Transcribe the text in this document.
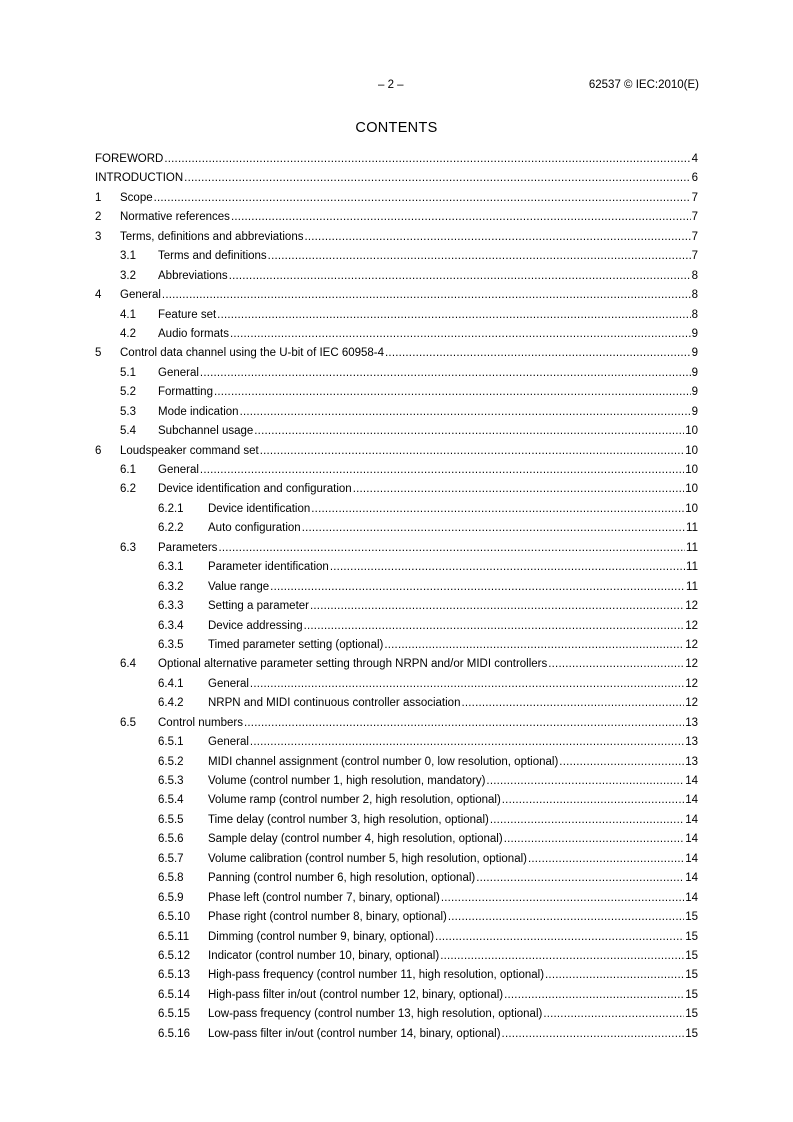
– 2 –	62537 © IEC:2010(E)
CONTENTS
FOREWORD .....	4
INTRODUCTION .....	6
1	Scope .....	7
2	Normative references .....	7
3	Terms, definitions and abbreviations .....	7
3.1	Terms and definitions .....	7
3.2	Abbreviations .....	8
4	General .....	8
4.1	Feature set .....	8
4.2	Audio formats .....	9
5	Control data channel using the U-bit of IEC 60958-4 .....	9
5.1	General .....	9
5.2	Formatting .....	9
5.3	Mode indication .....	9
5.4	Subchannel usage .....	10
6	Loudspeaker command set .....	10
6.1	General .....	10
6.2	Device identification and configuration .....	10
6.2.1	Device identification .....	10
6.2.2	Auto configuration .....	11
6.3	Parameters .....	11
6.3.1	Parameter identification .....	11
6.3.2	Value range .....	11
6.3.3	Setting a parameter .....	12
6.3.4	Device addressing .....	12
6.3.5	Timed parameter setting (optional) .....	12
6.4	Optional alternative parameter setting through NRPN and/or MIDI controllers .....	12
6.4.1	General .....	12
6.4.2	NRPN and MIDI continuous controller association .....	12
6.5	Control numbers .....	13
6.5.1	General .....	13
6.5.2	MIDI channel assignment (control number 0, low resolution, optional) .....	13
6.5.3	Volume (control number 1, high resolution, mandatory) .....	14
6.5.4	Volume ramp (control number 2, high resolution, optional) .....	14
6.5.5	Time delay (control number 3, high resolution, optional) .....	14
6.5.6	Sample delay (control number 4, high resolution, optional) .....	14
6.5.7	Volume calibration (control number 5, high resolution, optional) .....	14
6.5.8	Panning (control number 6, high resolution, optional) .....	14
6.5.9	Phase left (control number 7, binary, optional) .....	14
6.5.10	Phase right (control number 8, binary, optional) .....	15
6.5.11	Dimming (control number 9, binary, optional) .....	15
6.5.12	Indicator (control number 10, binary, optional) .....	15
6.5.13	High-pass frequency (control number 11, high resolution, optional) .....	15
6.5.14	High-pass filter in/out (control number 12, binary, optional) .....	15
6.5.15	Low-pass frequency (control number 13, high resolution, optional) .....	15
6.5.16	Low-pass filter in/out (control number 14, binary, optional) .....	15
